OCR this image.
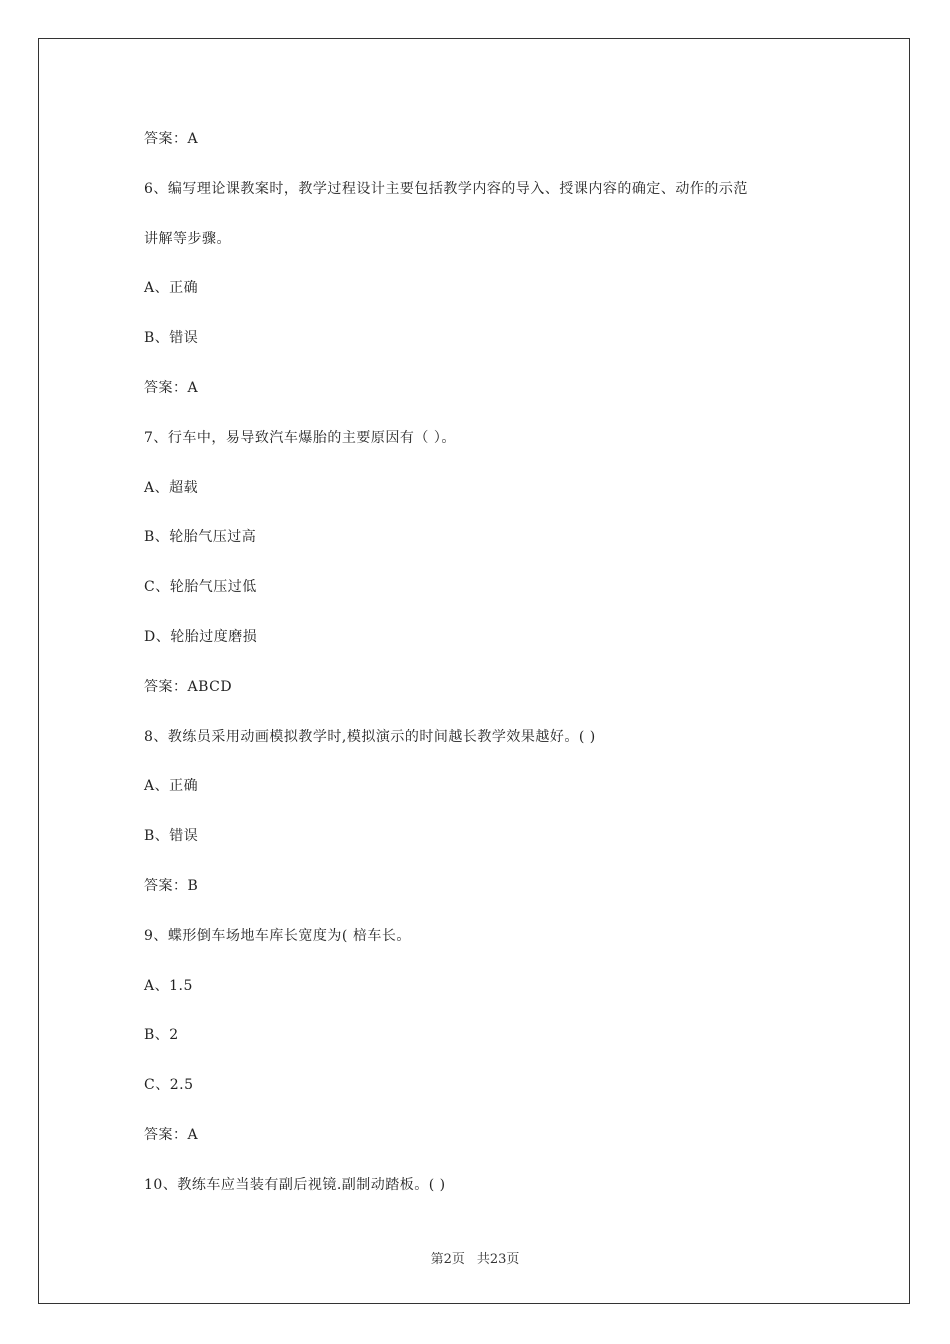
答案：A

6、编写理论课教案时，教学过程设计主要包括教学内容的导入、授课内容的确定、动作的示范

讲解等步骤。

A、正确

B、错误

答案：A

7、行车中，易导致汽车爆胎的主要原因有（ ）。

A、超载

B、轮胎气压过高

C、轮胎气压过低

D、轮胎过度磨损

答案：ABCD

8、教练员采用动画模拟教学时,模拟演示的时间越长教学效果越好。( )

A、正确

B、错误

答案：B

9、蝶形倒车场地车库长宽度为( 棓车长。

A、1.5

B、2

C、2.5

答案：A

10、教练车应当装有副后视镜.副制动踏板。( )

第2页 共23页
